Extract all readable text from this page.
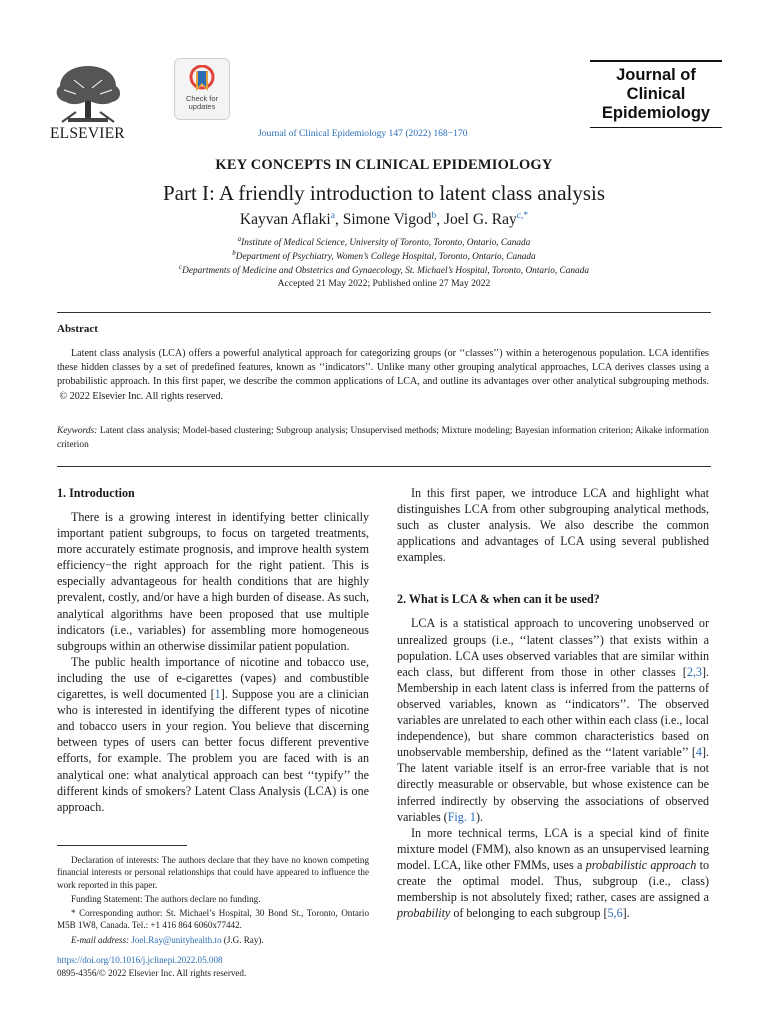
ELSEVIER
Check for
updates
Journal of Clinical Epidemiology 147 (2022) 168−170
Journal of
Clinical
Epidemiology
KEY CONCEPTS IN CLINICAL EPIDEMIOLOGY
Part I: A friendly introduction to latent class analysis
Kayvan Aflaki$^a$, Simone Vigod$^b$, Joel G. Ray$^{c,*}$
$^a$Institute of Medical Science, University of Toronto, Toronto, Ontario, Canada
$^b$Department of Psychiatry, Women’s College Hospital, Toronto, Ontario, Canada
$^c$Departments of Medicine and Obstetrics and Gynaecology, St. Michael’s Hospital, Toronto, Ontario, Canada
Accepted 21 May 2022; Published online 27 May 2022
Abstract
Latent class analysis (LCA) offers a powerful analytical approach for categorizing groups (or ‘‘classes’’) within a heterogenous population. LCA identifies these hidden classes by a set of predefined features, known as ‘‘indicators’’. Unlike many other grouping analytical approaches, LCA derives classes using a probabilistic approach. In this first paper, we describe the common applications of LCA, and outline its advantages over other analytical subgrouping methods.  © 2022 Elsevier Inc. All rights reserved.
Keywords: Latent class analysis; Model-based clustering; Subgroup analysis; Unsupervised methods; Mixture modeling; Bayesian information criterion; Aikake information criterion
1. Introduction

There is a growing interest in identifying better clinically important patient subgroups, to focus on targeted treatments, more accurately estimate prognosis, and improve health system efficiency−the right approach for the right patient. This is especially advantageous for health conditions that are highly prevalent, costly, and/or have a high burden of disease. As such, analytical algorithms have been proposed that use multiple indicators (i.e., variables) for assembling more homogeneous subgroups within an otherwise dissimilar patient population.

The public health importance of nicotine and tobacco use, including the use of e-cigarettes (vapes) and combustible cigarettes, is well documented [1]. Suppose you are a clinician who is interested in identifying the different types of nicotine and tobacco users in your region. You believe that discerning between types of users can better focus different preventive efforts, for example. The problem you are faced with is an analytical one: what analytical approach can best ‘‘typify’’ the different kinds of smokers? Latent Class Analysis (LCA) is one approach.

In this first paper, we introduce LCA and highlight what distinguishes LCA from other subgrouping analytical methods, such as cluster analysis. We also describe the common applications and advantages of LCA using several published examples.

2. What is LCA & when can it be used?

LCA is a statistical approach to uncovering unobserved or unrealized groups (i.e., ‘‘latent classes’’) that exists within a population. LCA uses observed variables that are similar within each class, but different from those in other classes [2,3]. Membership in each latent class is inferred from the patterns of observed variables, known as ‘‘indicators’’. The observed variables are unrelated to each other within each class (i.e., local independence), but share common characteristics based on unobservable membership, defined as the ‘‘latent variable’’ [4]. The latent variable itself is an error-free variable that is not directly measurable or observable, but whose existence can be inferred indirectly by observing the associations of observed variables (Fig. 1).

In more technical terms, LCA is a special kind of finite mixture model (FMM), also known as an unsupervised learning model. LCA, like other FMMs, uses a probabilistic approach to create the optimal model. Thus, subgroup (i.e., class) membership is not absolutely fixed; rather, cases are assigned a probability of belonging to each subgroup [5,6].

Declaration of interests: The authors declare that they have no known competing financial interests or personal relationships that could have appeared to influence the work reported in this paper.

Funding Statement: The authors declare no funding.

* Corresponding author: St. Michael’s Hospital, 30 Bond St., Toronto, Ontario M5B 1W8, Canada. Tel.: +1 416 864 6060x77442.

E-mail address: Joel.Ray@unityhealth.to (J.G. Ray).

https://doi.org/10.1016/j.jclinepi.2022.05.008
0895-4356/© 2022 Elsevier Inc. All rights reserved.
